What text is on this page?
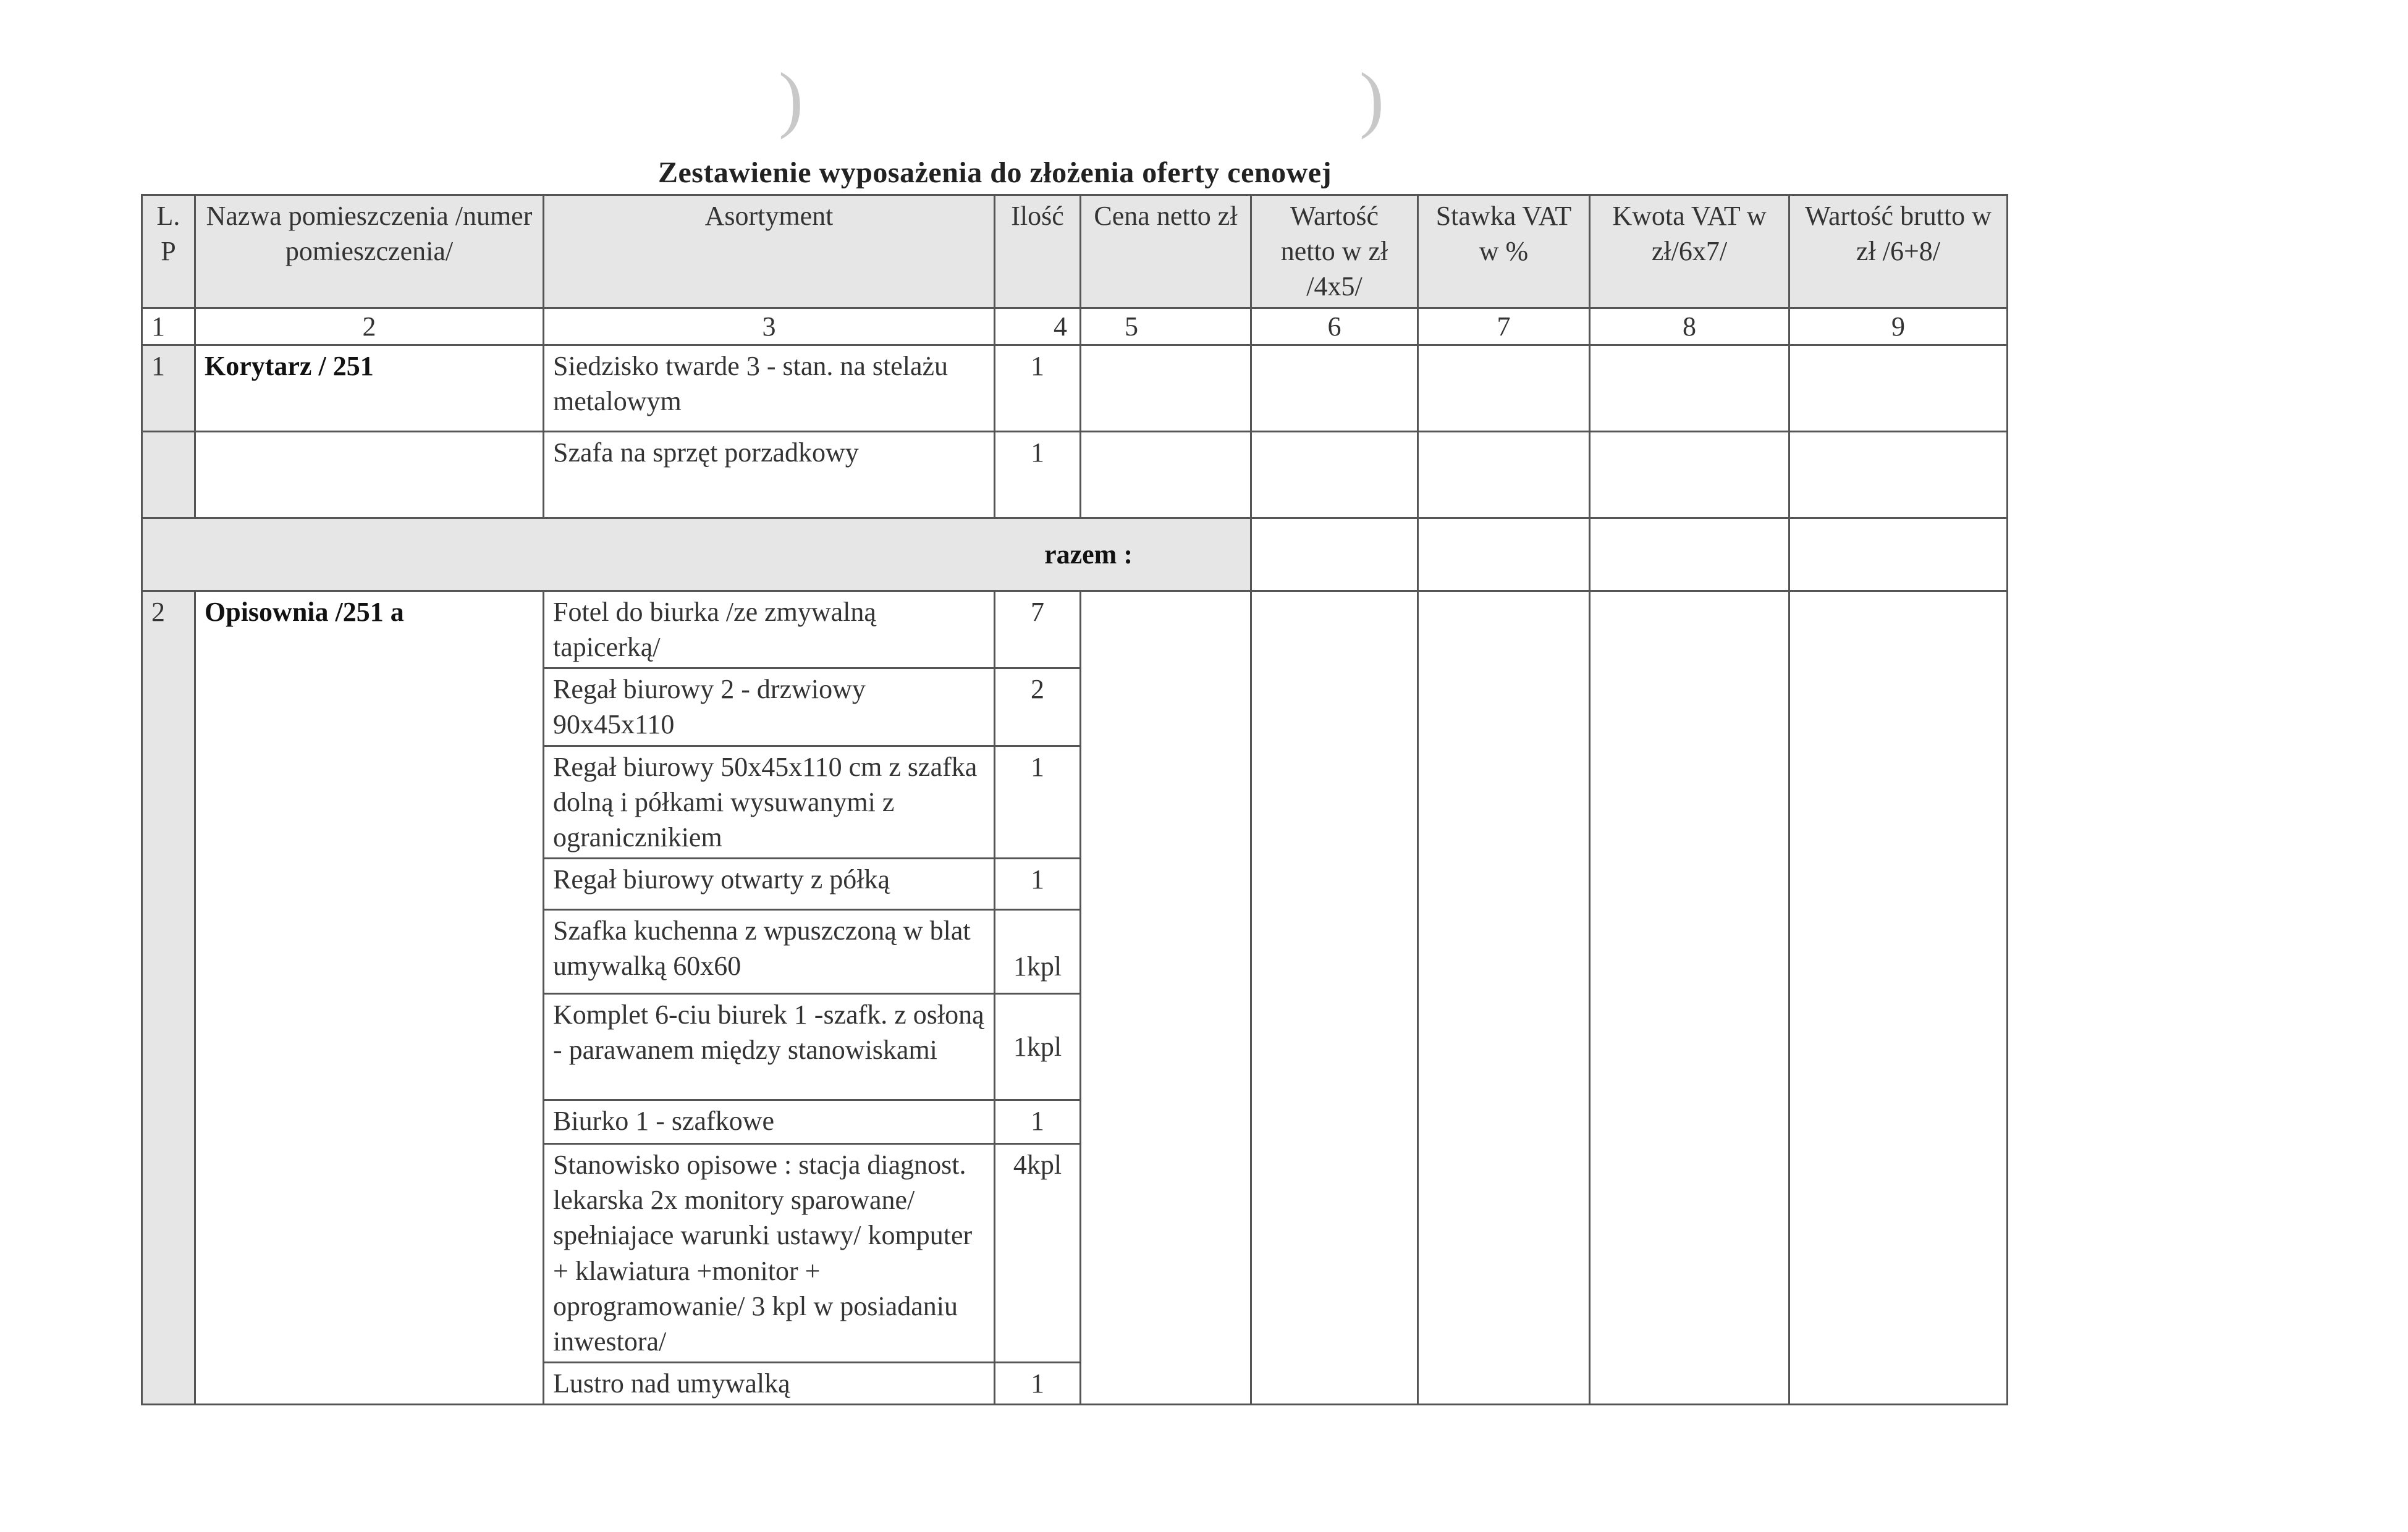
)	)
Zestawienie wyposażenia do złożenia oferty cenowej
L. P	Nazwa pomieszczenia /numer pomieszczenia/	Asortyment	Ilość	Cena netto zł	Wartość netto w zł /4x5/	Stawka VAT w %	Kwota VAT w zł/6x7/	Wartość brutto w zł /6+8/
1	2	3	4	5	6	7	8	9
1	Korytarz / 251	Siedzisko twarde 3 - stan. na stelażu metalowym	1					
		Szafa na sprzęt porzadkowy	1					
razem :								
2	Opisownia /251 a	Fotel do biurka /ze zmywalną tapicerką/	7					
		Regał biurowy 2 - drzwiowy 90x45x110	2					
		Regał biurowy 50x45x110 cm z szafka dolną i półkami wysuwanymi z ogranicznikiem	1					
		Regał biurowy otwarty z półką	1					
		Szafka kuchenna z wpuszczoną w blat umywalką 60x60	1kpl					
		Komplet 6-ciu biurek 1 -szafk. z osłoną - parawanem między stanowiskami	1kpl					
		Biurko 1 - szafkowe	1					
		Stanowisko opisowe : stacja diagnost. lekarska 2x monitory sparowane/ spełniajace warunki ustawy/ komputer + klawiatura +monitor + oprogramowanie/ 3 kpl w posiadaniu inwestora/	4kpl					
		Lustro nad umywalką	1					
